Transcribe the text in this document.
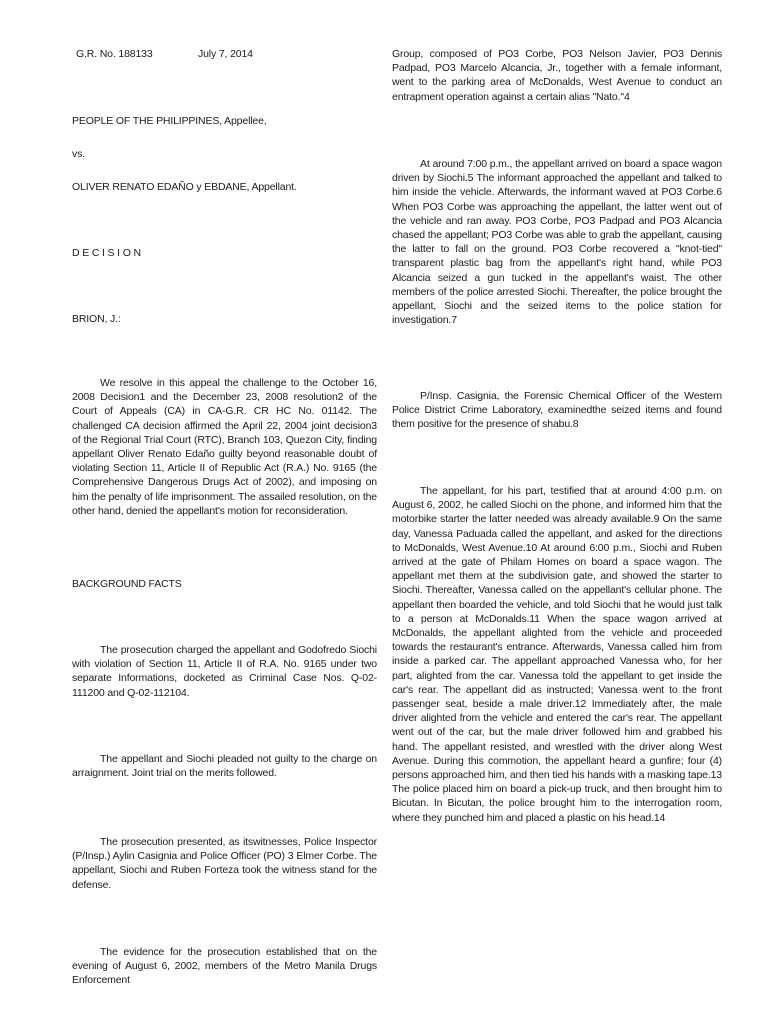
G.R. No. 188133	July 7, 2014

PEOPLE OF THE PHILIPPINES, Appellee,

vs.

OLIVER RENATO EDAÑO y EBDANE, Appellant.

D E C I S I O N

BRION, J.:

We resolve in this appeal the challenge to the October 16, 2008 Decision1 and the December 23, 2008 resolution2 of the Court of Appeals (CA) in CA-G.R. CR HC No. 01142. The challenged CA decision affirmed the April 22, 2004 joint decision3 of the Regional Trial Court (RTC), Branch 103, Quezon City, finding appellant Oliver Renato Edaño guilty beyond reasonable doubt of violating Section 11, Article II of Republic Act (R.A.) No. 9165 (the Comprehensive Dangerous Drugs Act of 2002), and imposing on him the penalty of life imprisonment. The assailed resolution, on the other hand, denied the appellant's motion for reconsideration.

BACKGROUND FACTS

The prosecution charged the appellant and Godofredo Siochi with violation of Section 11, Article II of R.A. No. 9165 under two separate Informations, docketed as Criminal Case Nos. Q-02-111200 and Q-02-112104.

The appellant and Siochi pleaded not guilty to the charge on arraignment. Joint trial on the merits followed.

The prosecution presented, as itswitnesses, Police Inspector (P/Insp.) Aylin Casignia and Police Officer (PO) 3 Elmer Corbe. The appellant, Siochi and Ruben Forteza took the witness stand for the defense.

The evidence for the prosecution established that on the evening of August 6, 2002, members of the Metro Manila Drugs Enforcement

Group, composed of PO3 Corbe, PO3 Nelson Javier, PO3 Dennis Padpad, PO3 Marcelo Alcancia, Jr., together with a female informant, went to the parking area of McDonalds, West Avenue to conduct an entrapment operation against a certain alias "Nato."4

At around 7:00 p.m., the appellant arrived on board a space wagon driven by Siochi.5 The informant approached the appellant and talked to him inside the vehicle. Afterwards, the informant waved at PO3 Corbe.6 When PO3 Corbe was approaching the appellant, the latter went out of the vehicle and ran away. PO3 Corbe, PO3 Padpad and PO3 Alcancia chased the appellant; PO3 Corbe was able to grab the appellant, causing the latter to fall on the ground. PO3 Corbe recovered a "knot-tied" transparent plastic bag from the appellant's right hand, while PO3 Alcancia seized a gun tucked in the appellant's waist. The other members of the police arrested Siochi. Thereafter, the police brought the appellant, Siochi and the seized items to the police station for investigation.7

P/Insp. Casignia, the Forensic Chemical Officer of the Western Police District Crime Laboratory, examinedthe seized items and found them positive for the presence of shabu.8

The appellant, for his part, testified that at around 4:00 p.m. on August 6, 2002, he called Siochi on the phone, and informed him that the motorbike starter the latter needed was already available.9 On the same day, Vanessa Paduada called the appellant, and asked for the directions to McDonalds, West Avenue.10 At around 6:00 p.m., Siochi and Ruben arrived at the gate of Philam Homes on board a space wagon. The appellant met them at the subdivision gate, and showed the starter to Siochi. Thereafter, Vanessa called on the appellant's cellular phone. The appellant then boarded the vehicle, and told Siochi that he would just talk to a person at McDonalds.11 When the space wagon arrived at McDonalds, the appellant alighted from the vehicle and proceeded towards the restaurant's entrance. Afterwards, Vanessa called him from inside a parked car. The appellant approached Vanessa who, for her part, alighted from the car. Vanessa told the appellant to get inside the car's rear. The appellant did as instructed; Vanessa went to the front passenger seat, beside a male driver.12 Immediately after, the male driver alighted from the vehicle and entered the car's rear. The appellant went out of the car, but the male driver followed him and grabbed his hand. The appellant resisted, and wrestled with the driver along West Avenue. During this commotion, the appellant heard a gunfire; four (4) persons approached him, and then tied his hands with a masking tape.13 The police placed him on board a pick-up truck, and then brought him to Bicutan. In Bicutan, the police brought him to the interrogation room, where they punched him and placed a plastic on his head.14
